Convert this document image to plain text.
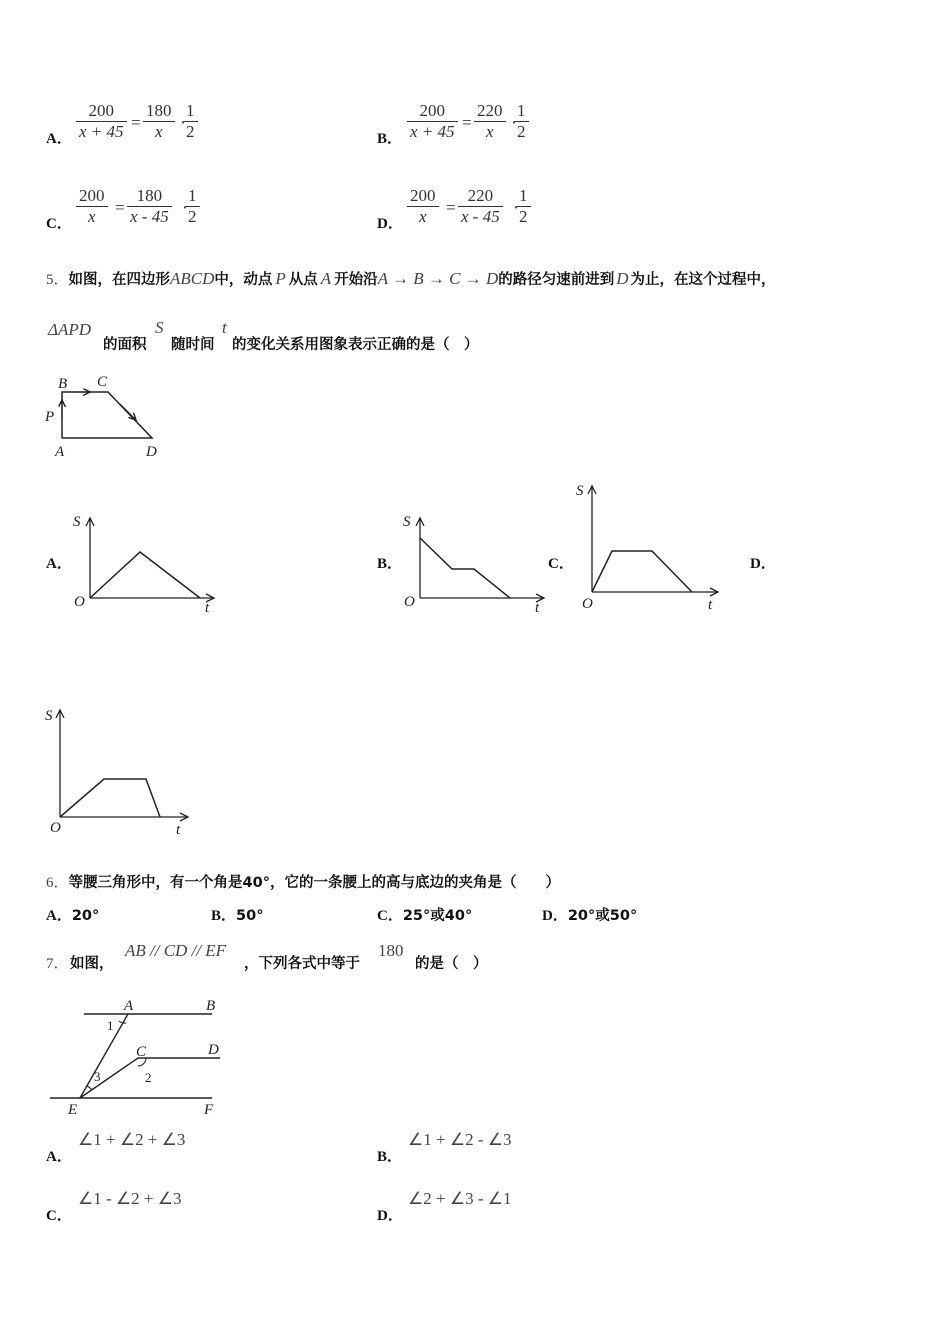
A．
200
x + 45 =
180
x	·
1
2	B．
200
x + 45 =
220
x	·
1
2
C．
200
x	=
180
x - 45 ·
1
2	D．
200
x	=
220
x - 45 ·
1
2
5．如图，在四边形ABCD中，动点 P 从点 A 开始沿A → B → C → D的路径匀速前进到 D 为止，在这个过程中，
ΔAPD
的面积
S
随时间
t
的变化关系用图象表示正确的是（　）
B C
P
A	D
A．	B．	C．	D．
S
O	t
S
O	t
S
O	t
S
O	t
6．等腰三角形中，有一个角是40°，它的一条腰上的高与底边的夹角是（　　）
A．20°	B．50°	C．25°或40°	D．20°或50°
7． 如图，
AB // CD // EF
，下列各式中等于
180
的是（　）
A	B
C	D
E	F
1
2
3
A．
∠1 + ∠2 + ∠3
B．
∠1 + ∠2 - ∠3
C．
∠1 - ∠2 + ∠3
D．
∠2 + ∠3 - ∠1
